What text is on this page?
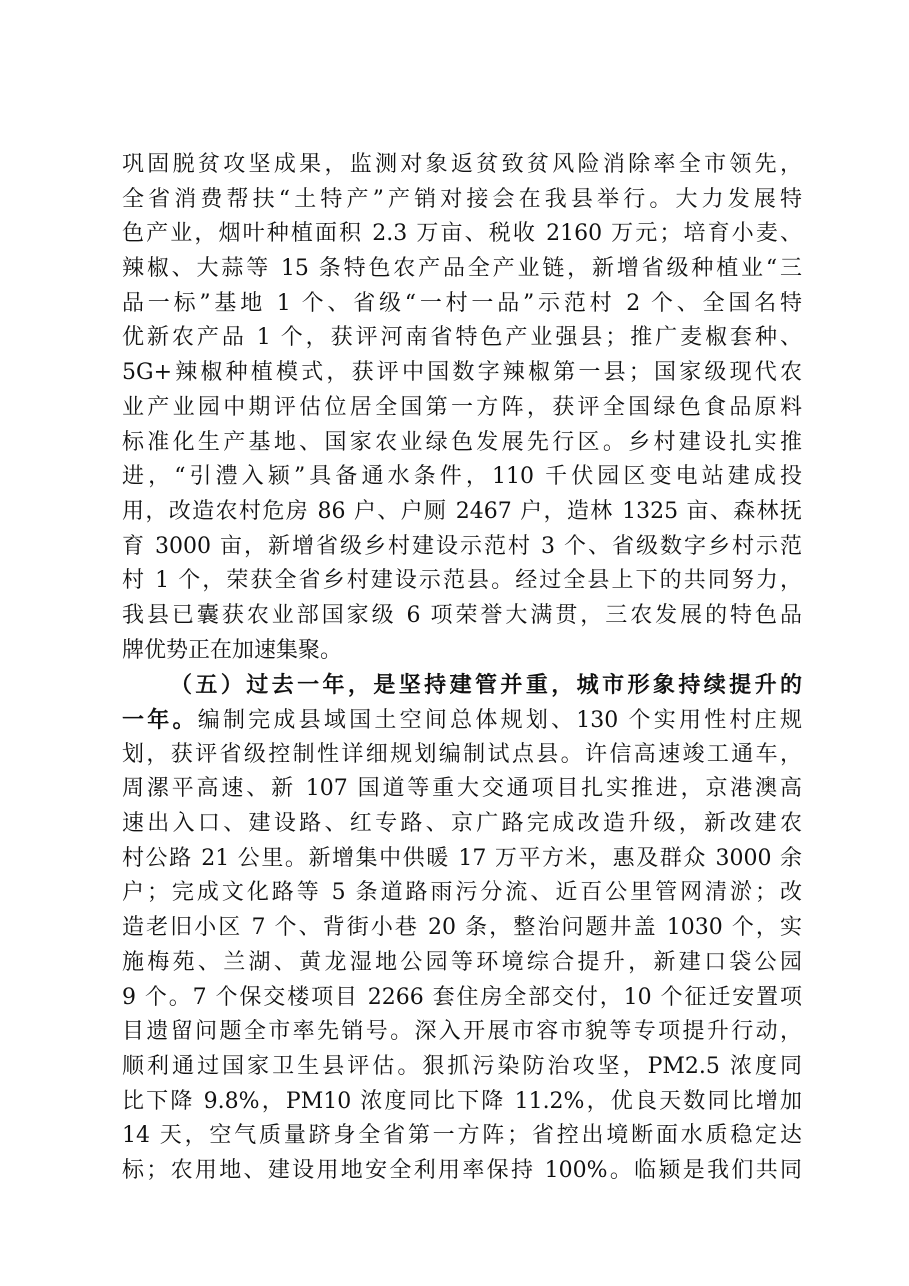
巩固脱贫攻坚成果，监测对象返贫致贫风险消除率全市领先，
全省消费帮扶“土特产”产销对接会在我县举行。大力发展特
色产业，烟叶种植面积 2.3 万亩、税收 2160 万元；培育小麦、
辣椒、大蒜等 15 条特色农产品全产业链，新增省级种植业“三
品一标”基地 1 个、省级“一村一品”示范村 2 个、全国名特
优新农产品 1 个，获评河南省特色产业强县；推广麦椒套种、
5G+辣椒种植模式，获评中国数字辣椒第一县；国家级现代农
业产业园中期评估位居全国第一方阵，获评全国绿色食品原料
标准化生产基地、国家农业绿色发展先行区。乡村建设扎实推
进，“引澧入颍”具备通水条件，110 千伏园区变电站建成投
用，改造农村危房 86 户、户厕 2467 户，造林 1325 亩、森林抚
育 3000 亩，新增省级乡村建设示范村 3 个、省级数字乡村示范
村 1 个，荣获全省乡村建设示范县。经过全县上下的共同努力，
我县已囊获农业部国家级 6 项荣誉大满贯，三农发展的特色品
牌优势正在加速集聚。
（五）过去一年，是坚持建管并重，城市形象持续提升的
一年。编制完成县域国土空间总体规划、130 个实用性村庄规
划，获评省级控制性详细规划编制试点县。许信高速竣工通车，
周漯平高速、新 107 国道等重大交通项目扎实推进，京港澳高
速出入口、建设路、红专路、京广路完成改造升级，新改建农
村公路 21 公里。新增集中供暖 17 万平方米，惠及群众 3000 余
户；完成文化路等 5 条道路雨污分流、近百公里管网清淤；改
造老旧小区 7 个、背街小巷 20 条，整治问题井盖 1030 个，实
施梅苑、兰湖、黄龙湿地公园等环境综合提升，新建口袋公园
9 个。7 个保交楼项目 2266 套住房全部交付，10 个征迁安置项
目遗留问题全市率先销号。深入开展市容市貌等专项提升行动，
顺利通过国家卫生县评估。狠抓污染防治攻坚，PM2.5 浓度同
比下降 9.8%，PM10 浓度同比下降 11.2%，优良天数同比增加
14 天，空气质量跻身全省第一方阵；省控出境断面水质稳定达
标；农用地、建设用地安全利用率保持 100%。临颍是我们共同
